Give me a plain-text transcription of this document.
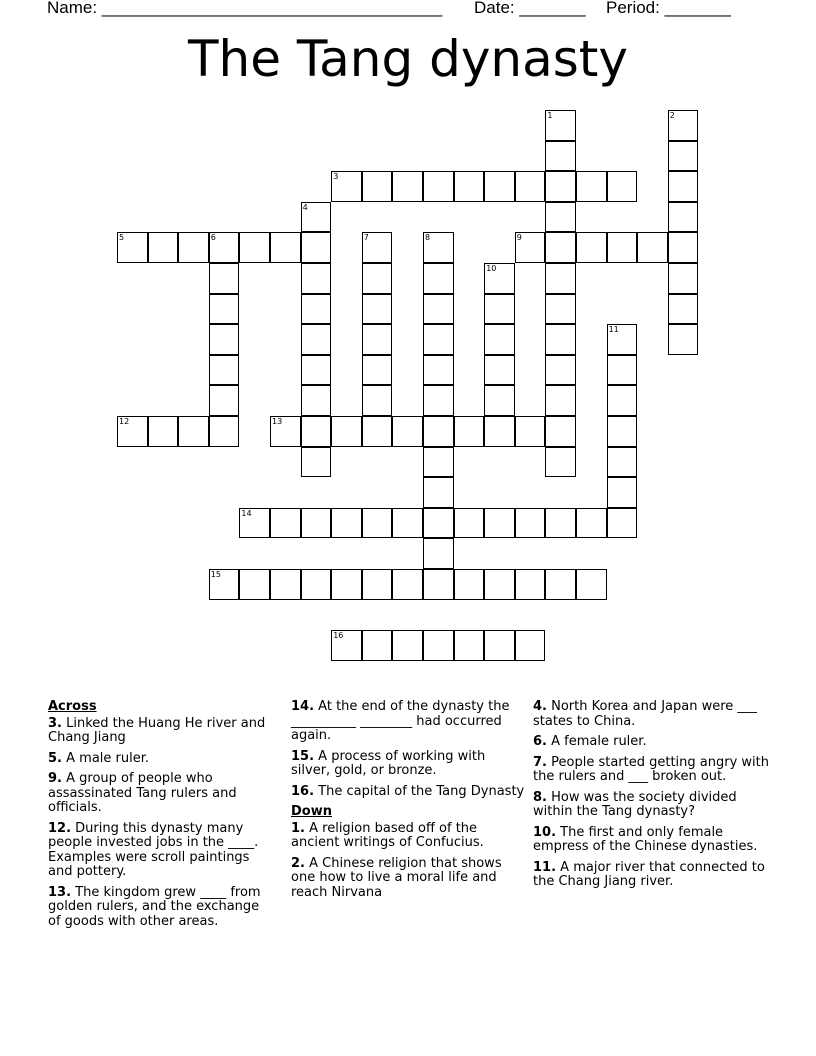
Name: ____________________________________ Date: _______ Period: _______
The Tang dynasty
1	2
3
4
5	6	7	8	9
10
11
12	13
14
15
16
Across
3. Linked the Huang He river and Chang Jiang
5. A male ruler.
9. A group of people who assassinated Tang rulers and officials.
12. During this dynasty many people invested jobs in the ____. Examples were scroll paintings and pottery.
13. The kingdom grew ____ from golden rulers, and the exchange of goods with other areas.
14. At the end of the dynasty the __________ ________ had occurred again.
15. A process of working with silver, gold, or bronze.
16. The capital of the Tang Dynasty
Down
1. A religion based off of the ancient writings of Confucius.
2. A Chinese religion that shows one how to live a moral life and reach Nirvana
4. North Korea and Japan were ___ states to China.
6. A female ruler.
7. People started getting angry with the rulers and ___ broken out.
8. How was the society divided within the Tang dynasty?
10. The first and only female empress of the Chinese dynasties.
11. A major river that connected to the Chang Jiang river.
